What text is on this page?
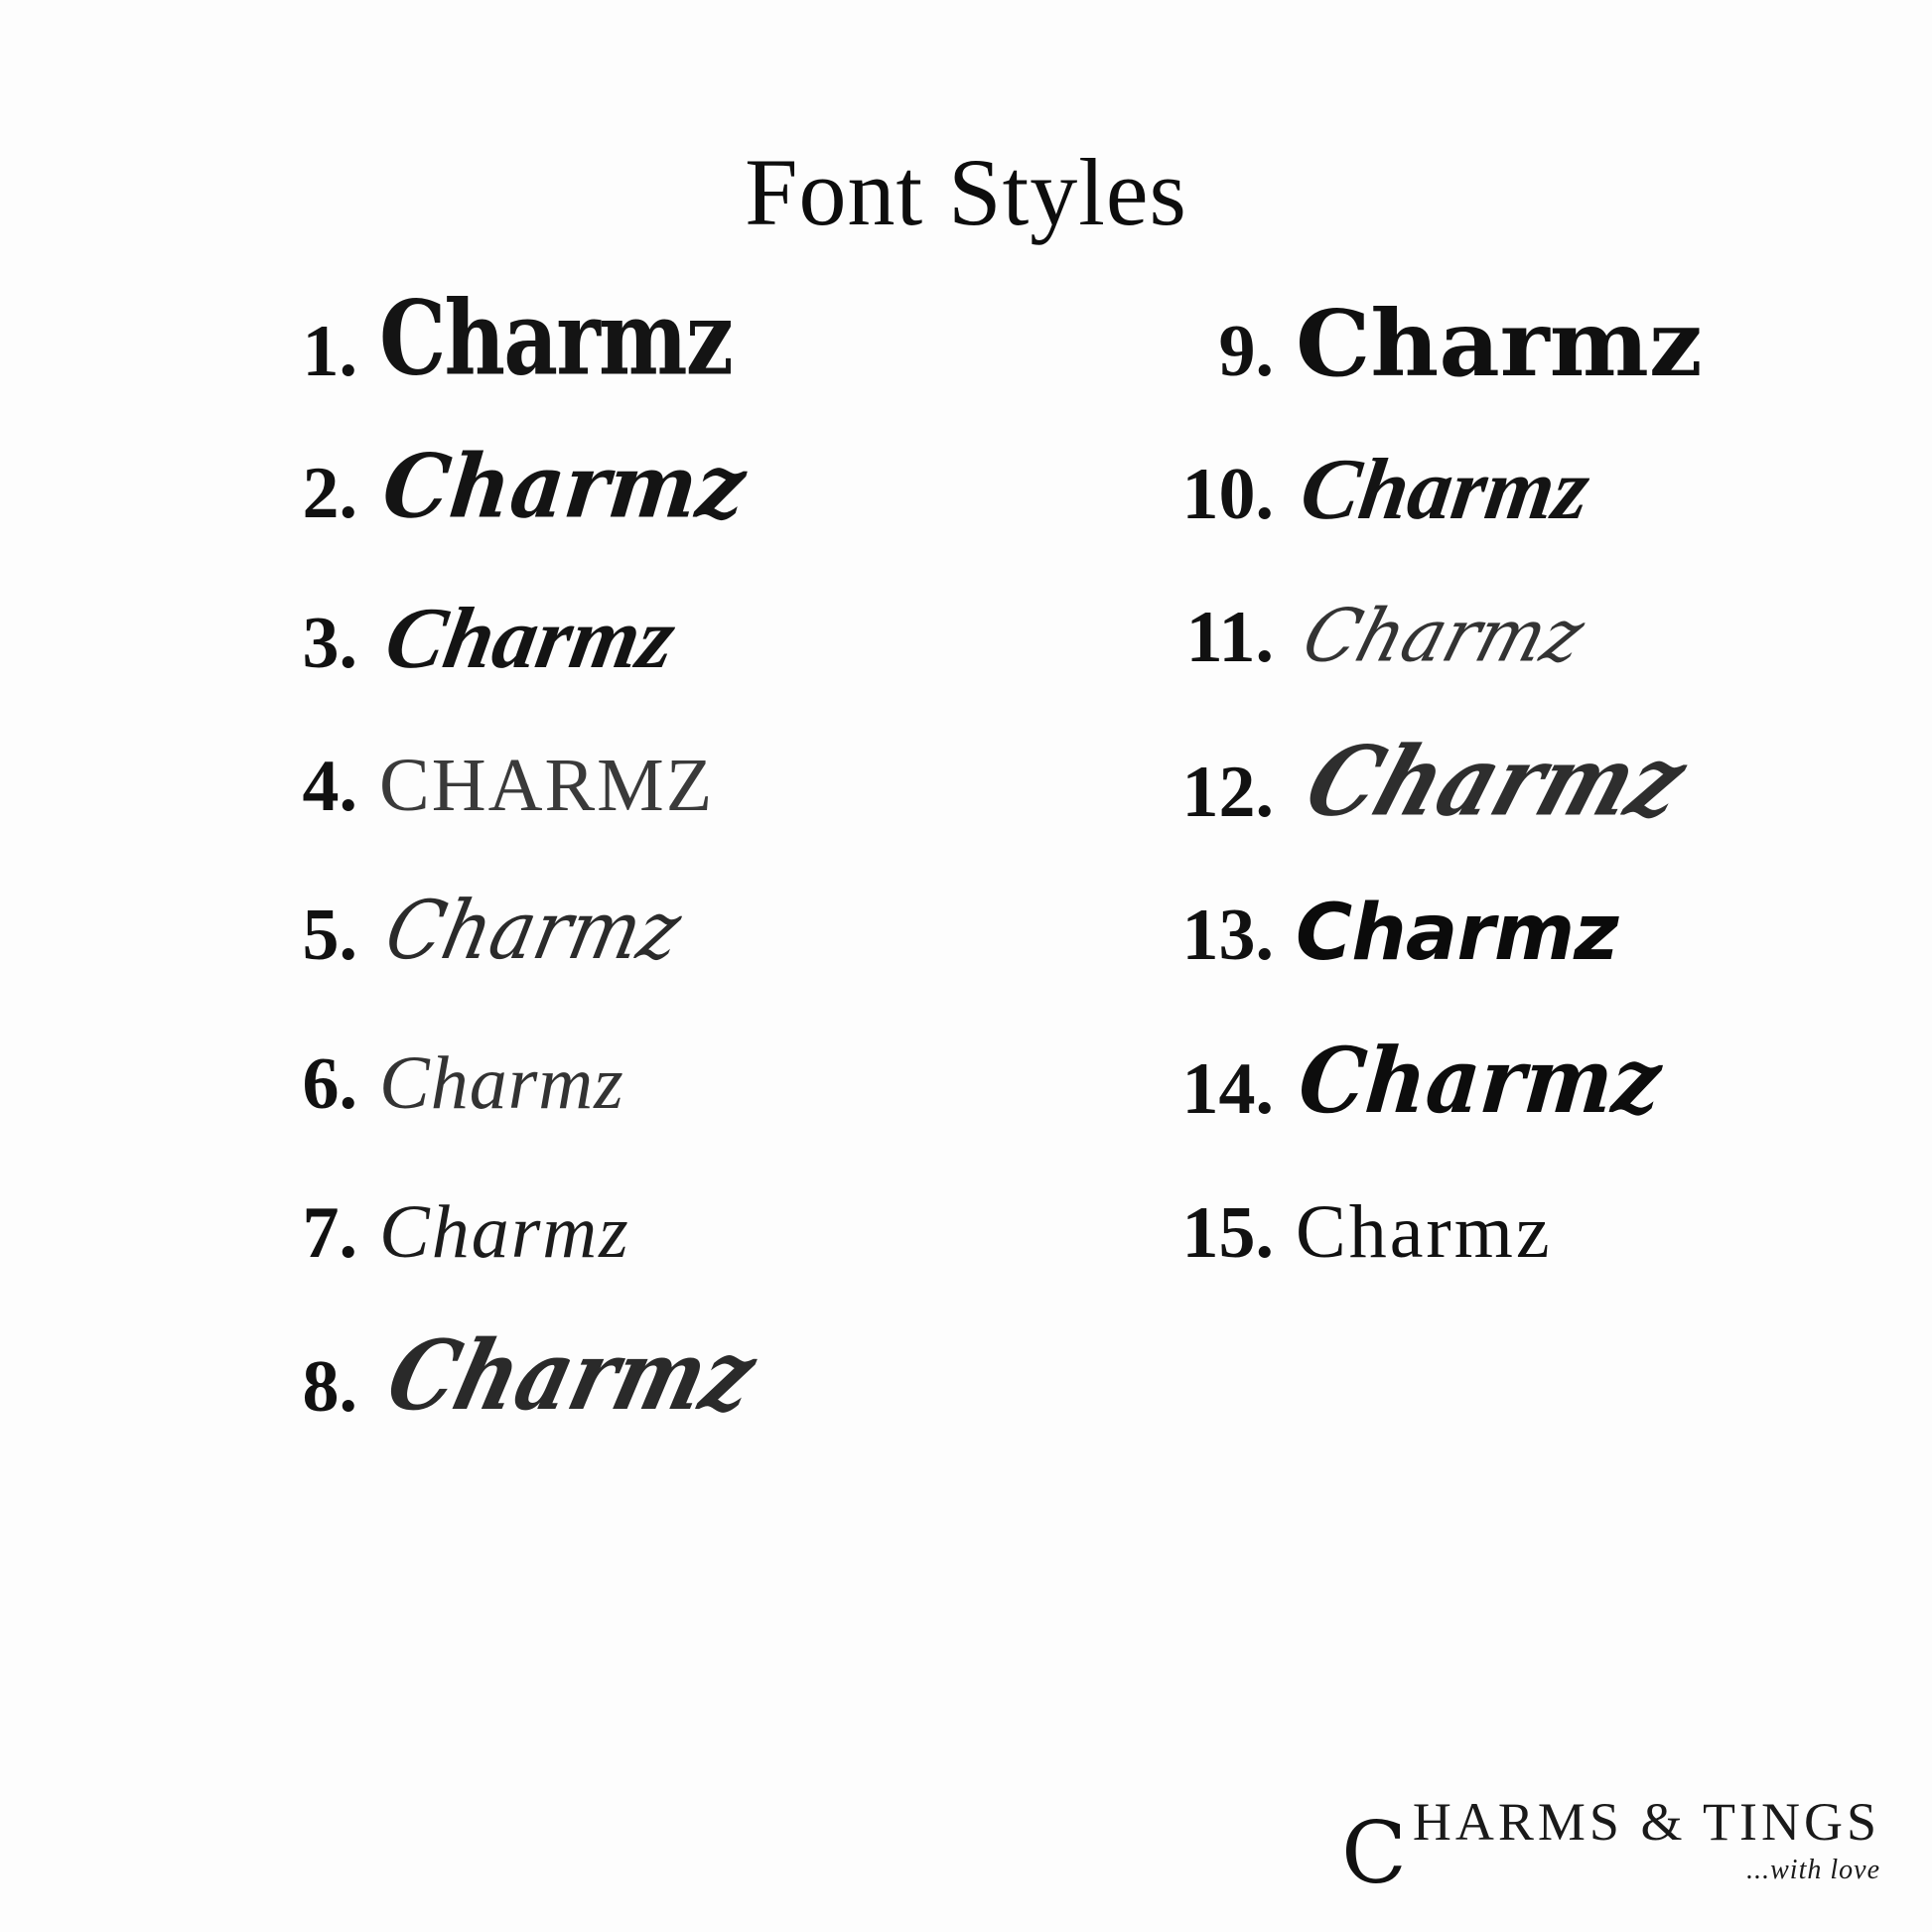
Font Styles
1. Charmz
2. Charmz
3. Charmz
4. CHARMZ
5. Charmz
6. Charmz
7. Charmz
8. Charmz
9. Charmz
10. Charmz
11. Charmz
12. Charmz
13. Charmz
14. Charmz
15. Charmz
C HARMS & TINGS
...with love
